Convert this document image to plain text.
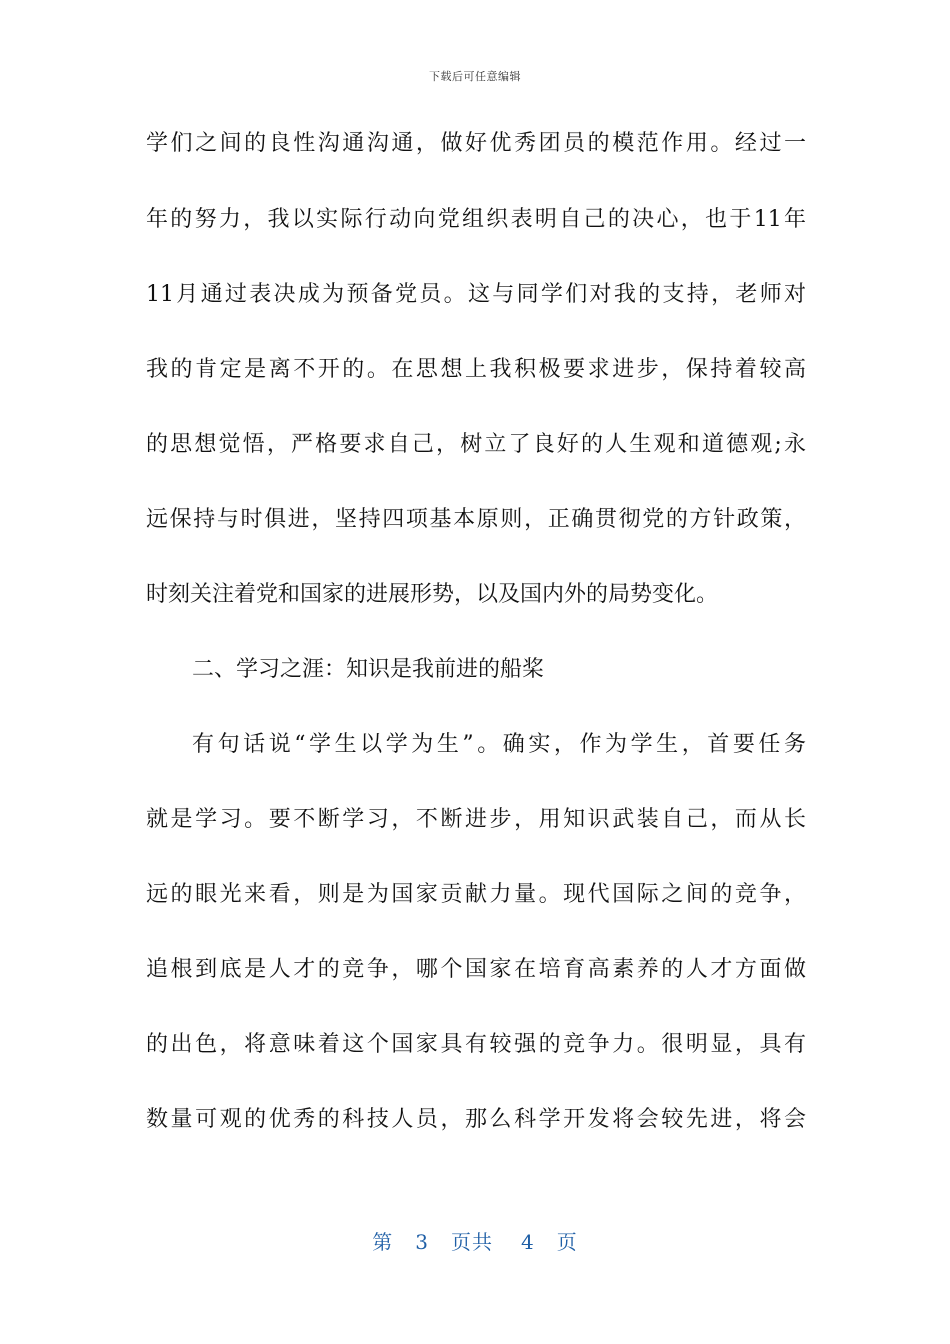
下载后可任意编辑
学们之间的良性沟通沟通，做好优秀团员的模范作用。经过一
年的努力，我以实际行动向党组织表明自己的决心，也于11年
11月通过表决成为预备党员。这与同学们对我的支持，老师对
我的肯定是离不开的。在思想上我积极要求进步，保持着较高
的思想觉悟，严格要求自己，树立了良好的人生观和道德观;永
远保持与时俱进，坚持四项基本原则，正确贯彻党的方针政策，
时刻关注着党和国家的进展形势，以及国内外的局势变化。
二、学习之涯：知识是我前进的船桨
有句话说“学生以学为生”。确实，作为学生，首要任务
就是学习。要不断学习，不断进步，用知识武装自己，而从长
远的眼光来看，则是为国家贡献力量。现代国际之间的竞争，
追根到底是人才的竞争，哪个国家在培育高素养的人才方面做
的出色，将意味着这个国家具有较强的竞争力。很明显，具有
数量可观的优秀的科技人员，那么科学开发将会较先进，将会
第 3 页共 4 页
